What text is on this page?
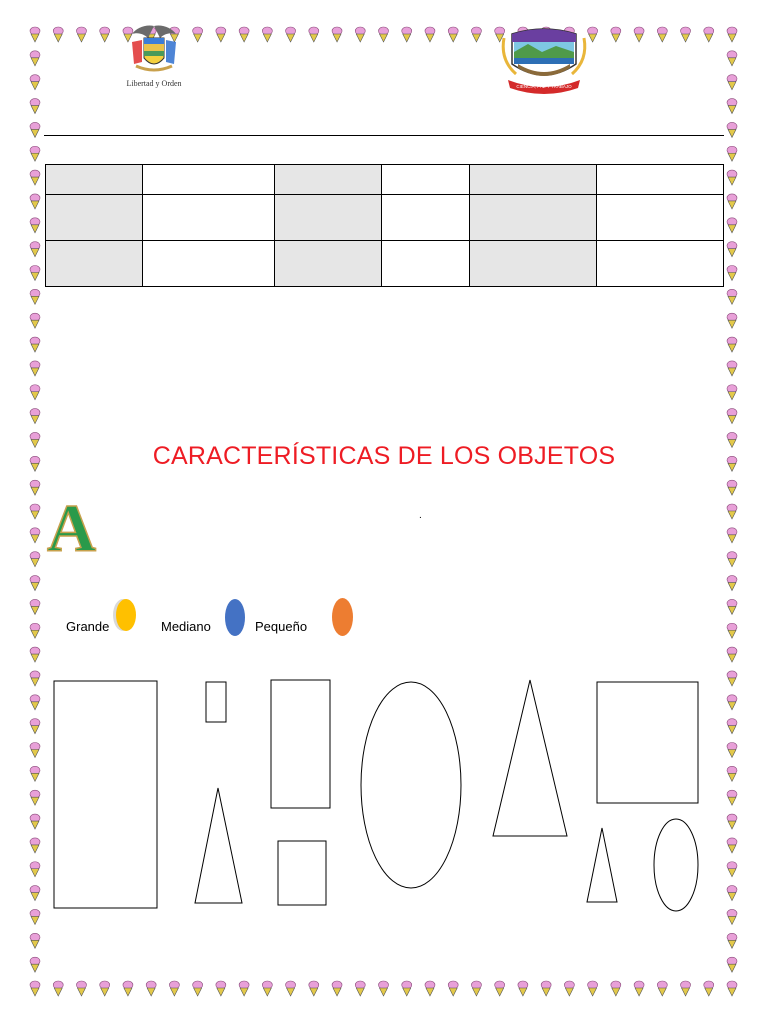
Libertad y Orden	CIENCIA, PAZ Y TRABAJO

CARACTERÍSTICAS DE LOS OBJETOS
A	.
Grande	Mediano	Pequeño
